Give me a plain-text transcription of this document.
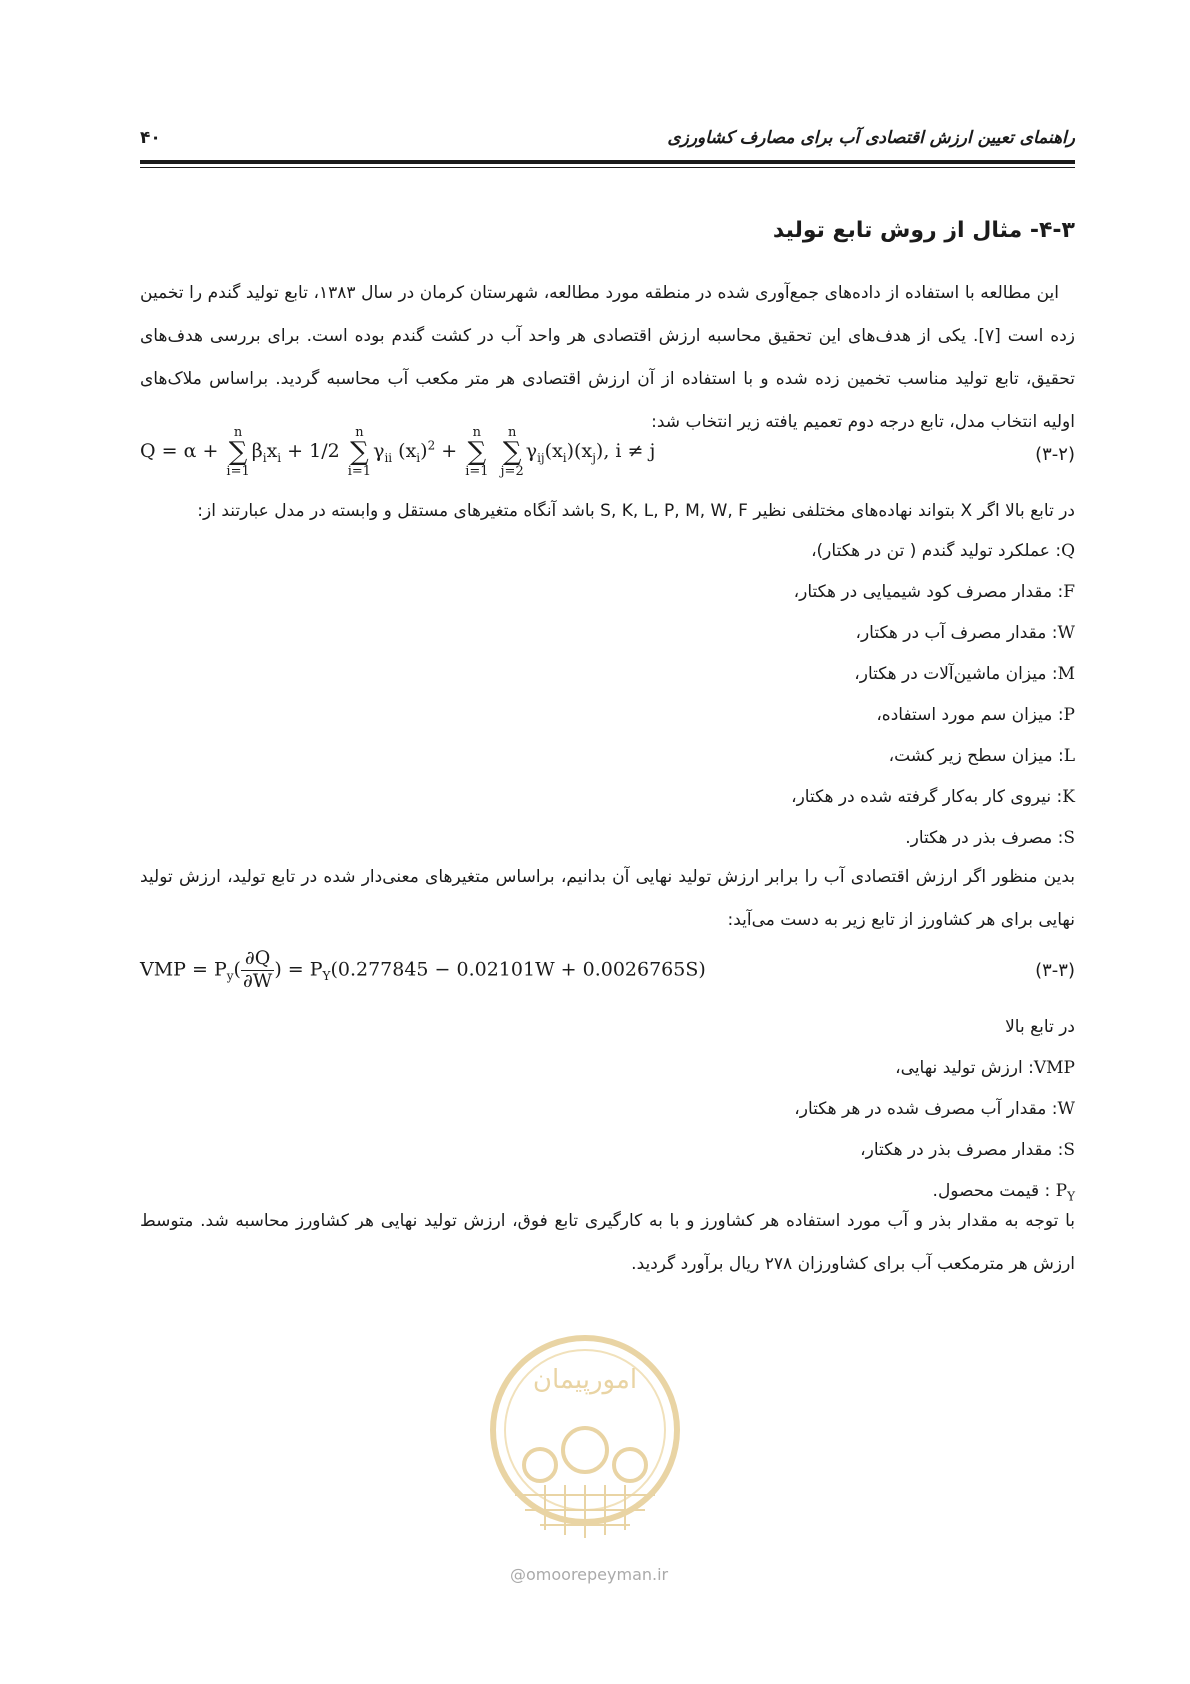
راهنمای تعیین ارزش اقتصادی آب برای مصارف کشاورزی
۴۰
۴-۳- مثال از روش تابع تولید
این مطالعه با استفاده از داده‌های جمع‌آوری شده در منطقه مورد مطالعه، شهرستان کرمان در سال ۱۳۸۳، تابع تولید گندم را تخمین زده است [۷]. یکی از هدف‌های این تحقیق محاسبه ارزش اقتصادی هر واحد آب در کشت گندم بوده است. برای بررسی هدف‌های تحقیق، تابع تولید مناسب تخمین زده شده و با استفاده از آن ارزش اقتصادی هر متر مکعب آب محاسبه گردید. براساس ملاک‌های اولیه انتخاب مدل، تابع درجه دوم تعمیم یافته زیر انتخاب شد:
Q = α +
n
∑
i=1
$\beta_ix_i + 1/2$
n
∑
i=1
$\gamma_{ii}$ $(x_i)^2$ +
n
∑
i=1
n
∑
j=2
$\gamma_{ij}(x_i)(x_j)$, i ≠ j	(۳-۲)
در تابع بالا اگر X بتواند نهاده‌های مختلفی نظیر S, K, L, P, M, W, F باشد آنگاه متغیرهای مستقل و وابسته در مدل عبارتند از:
Q: عملکرد تولید گندم ( تن در هکتار)،
F: مقدار مصرف کود شیمیایی در هکتار،
W: مقدار مصرف آب در هکتار،
M: میزان ماشین‌آلات در هکتار،
P: میزان سم مورد استفاده،
L: میزان سطح زیر کشت،
K: نیروی کار به‌کار گرفته شده در هکتار،
S: مصرف بذر در هکتار.
بدین منظور اگر ارزش اقتصادی آب را برابر ارزش تولید نهایی آن بدانیم، براساس متغیرهای معنی‌دار شده در تابع تولید، ارزش تولید نهایی برای هر کشاورز از تابع زیر به دست می‌آید:
VMP = $P_y( \frac{\partial Q}{\partial W}$ ) = $P_Y(0.277845 - 0.02101W + 0.0026765S)$	(۳-۳)
در تابع بالا
VMP: ارزش تولید نهایی،
W: مقدار آب مصرف شده در هر هکتار،
S: مقدار مصرف بذر در هکتار،
$P_Y$ : قیمت محصول.
با توجه به مقدار بذر و آب مورد استفاده هر کشاورز و با به کارگیری تابع فوق، ارزش تولید نهایی هر کشاورز محاسبه شد. متوسط ارزش هر مترمکعب آب برای کشاورزان ۲۷۸ ریال برآورد گردید.
امورپیمان
@omoorepeyman.ir
